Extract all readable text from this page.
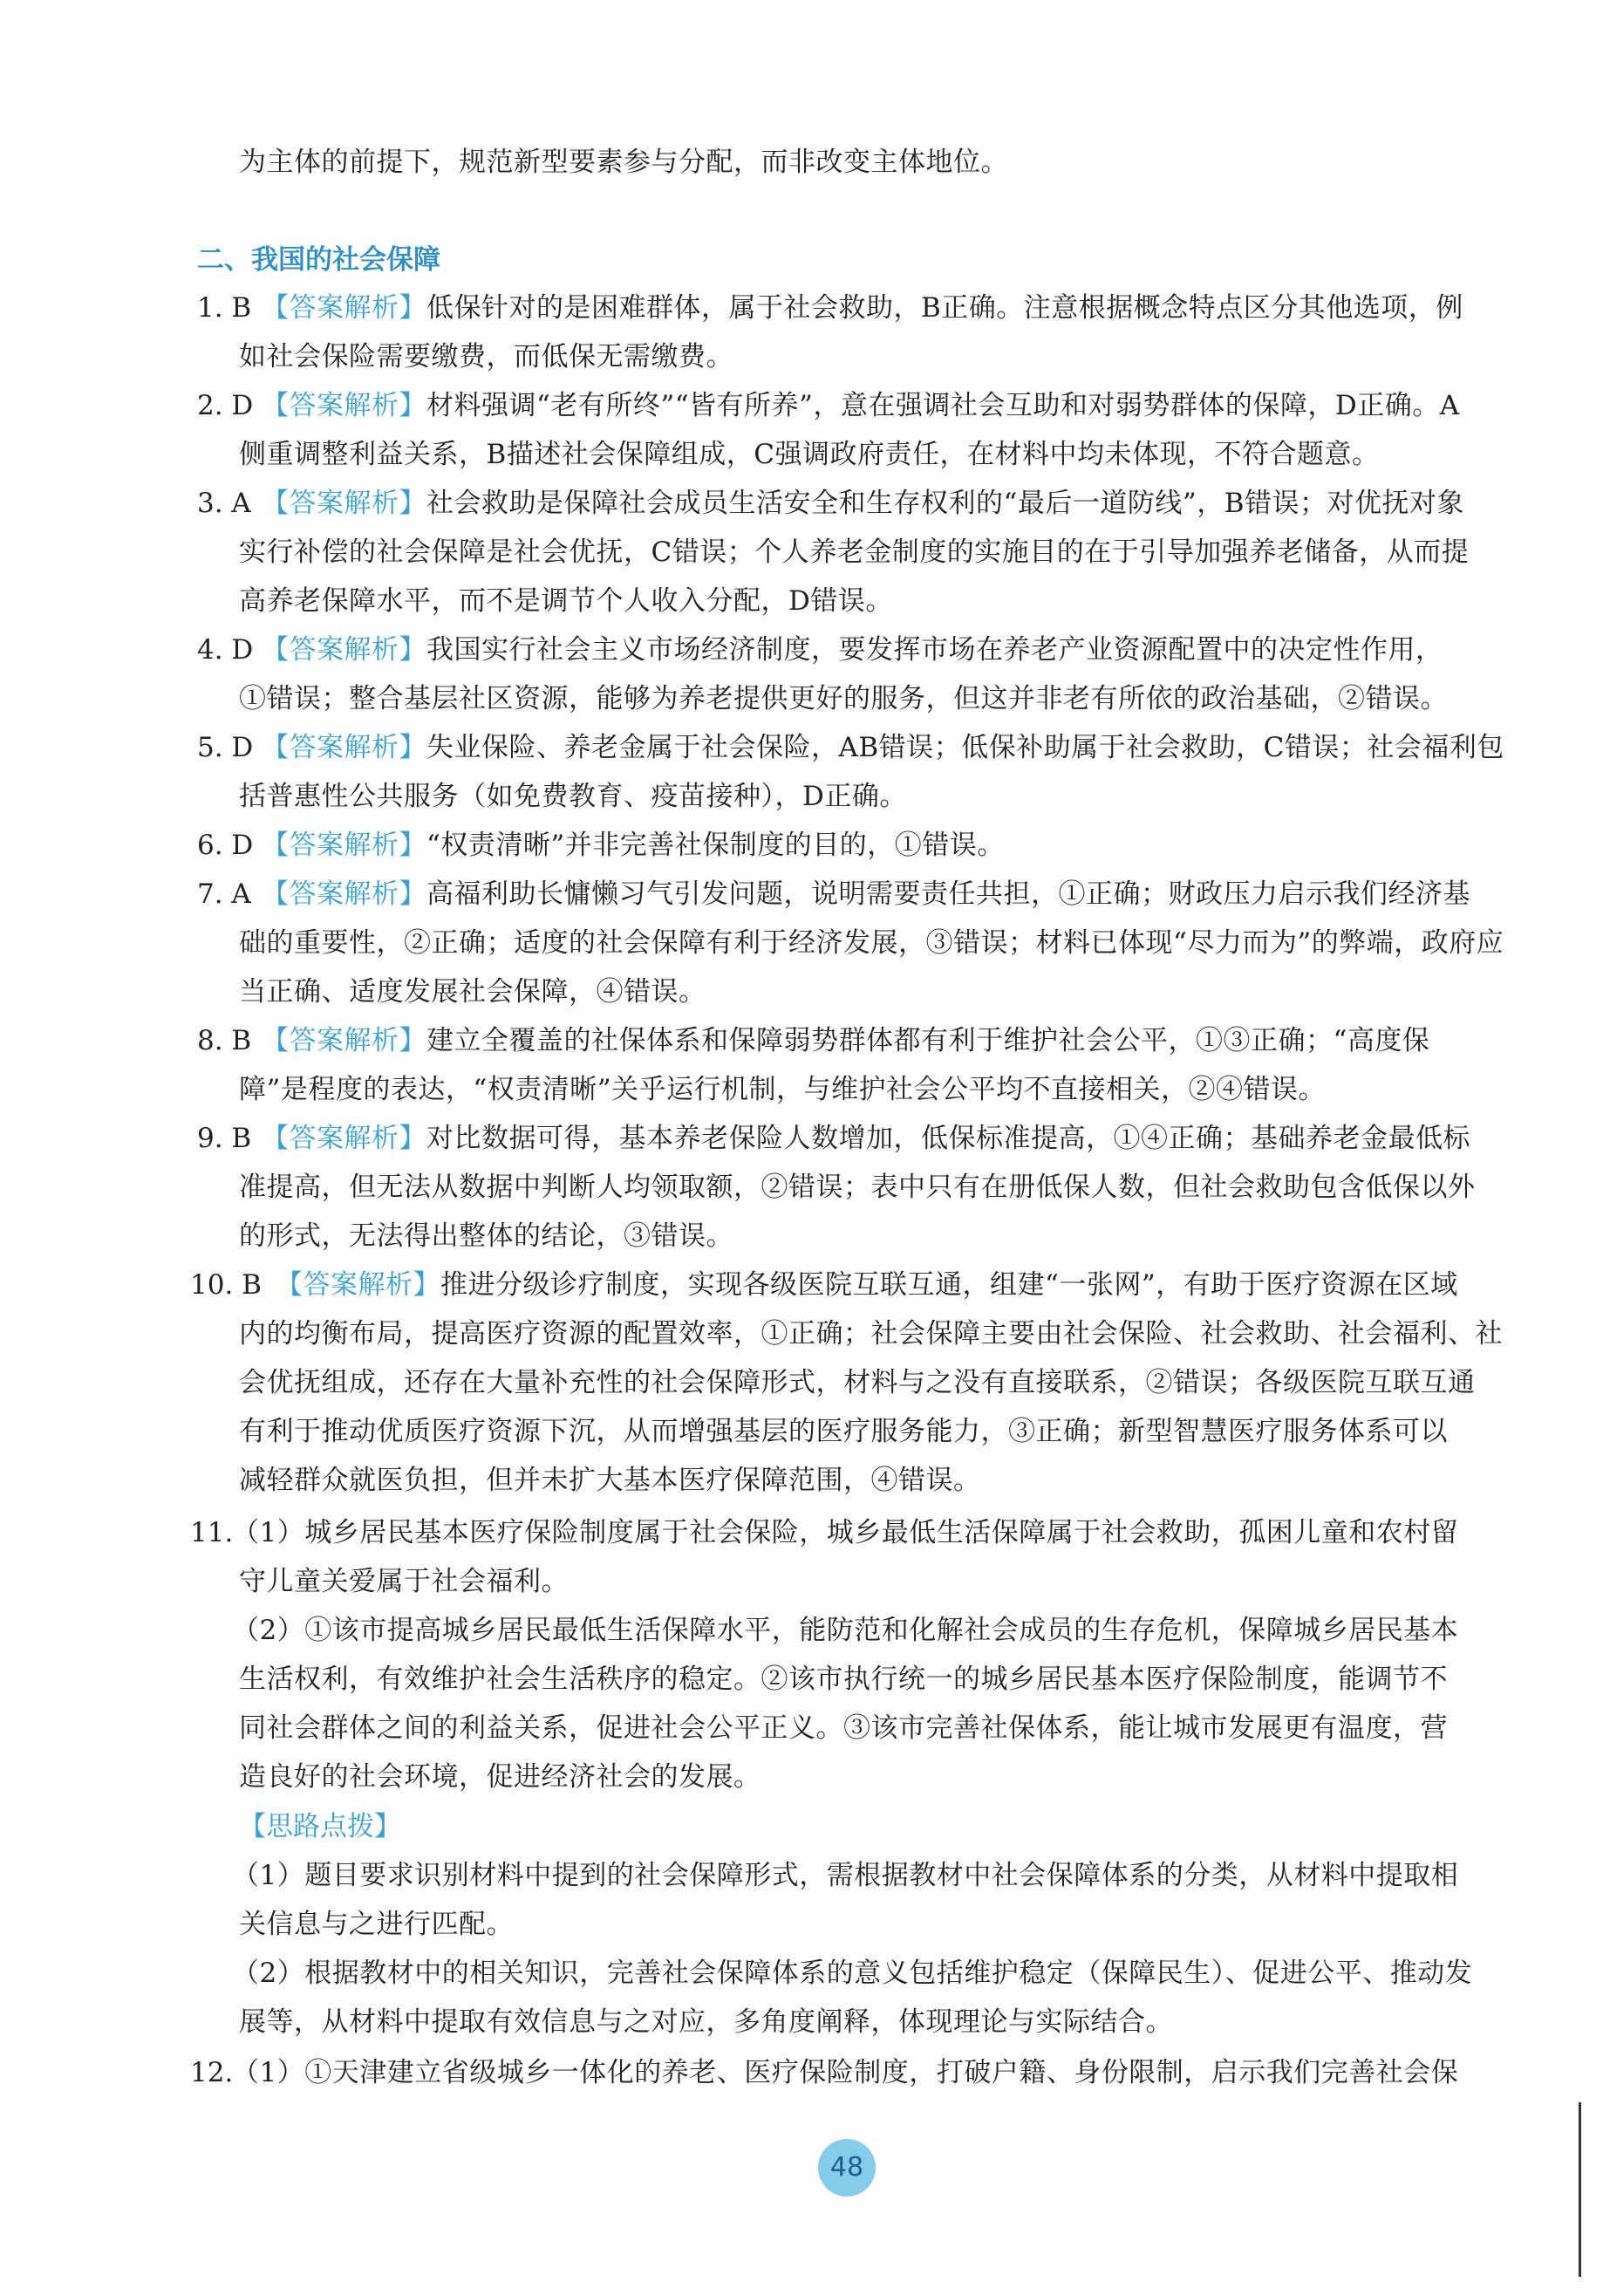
为主体的前提下，规范新型要素参与分配，而非改变主体地位。
二、我国的社会保障
1. B 【答案解析】低保针对的是困难群体，属于社会救助，B正确。注意根据概念特点区分其他选项，例
如社会保险需要缴费，而低保无需缴费。
2. D 【答案解析】材料强调“老有所终”“皆有所养”，意在强调社会互助和对弱势群体的保障，D正确。A
侧重调整利益关系，B描述社会保障组成，C强调政府责任，在材料中均未体现，不符合题意。
3. A 【答案解析】社会救助是保障社会成员生活安全和生存权利的“最后一道防线”，B错误；对优抚对象
实行补偿的社会保障是社会优抚，C错误；个人养老金制度的实施目的在于引导加强养老储备，从而提
高养老保障水平，而不是调节个人收入分配，D错误。
4. D 【答案解析】我国实行社会主义市场经济制度，要发挥市场在养老产业资源配置中的决定性作用，
①错误；整合基层社区资源，能够为养老提供更好的服务，但这并非老有所依的政治基础，②错误。
5. D 【答案解析】失业保险、养老金属于社会保险，AB错误；低保补助属于社会救助，C错误；社会福利包
括普惠性公共服务（如免费教育、疫苗接种），D正确。
6. D 【答案解析】“权责清晰”并非完善社保制度的目的，①错误。
7. A 【答案解析】高福利助长慵懒习气引发问题，说明需要责任共担，①正确；财政压力启示我们经济基
础的重要性，②正确；适度的社会保障有利于经济发展，③错误；材料已体现“尽力而为”的弊端，政府应
当正确、适度发展社会保障，④错误。
8. B 【答案解析】建立全覆盖的社保体系和保障弱势群体都有利于维护社会公平，①③正确；“高度保
障”是程度的表达，“权责清晰”关乎运行机制，与维护社会公平均不直接相关，②④错误。
9. B 【答案解析】对比数据可得，基本养老保险人数增加，低保标准提高，①④正确；基础养老金最低标
准提高，但无法从数据中判断人均领取额，②错误；表中只有在册低保人数，但社会救助包含低保以外
的形式，无法得出整体的结论，③错误。
10. B 【答案解析】推进分级诊疗制度，实现各级医院互联互通，组建“一张网”，有助于医疗资源在区域
内的均衡布局，提高医疗资源的配置效率，①正确；社会保障主要由社会保险、社会救助、社会福利、社
会优抚组成，还存在大量补充性的社会保障形式，材料与之没有直接联系，②错误；各级医院互联互通
有利于推动优质医疗资源下沉，从而增强基层的医疗服务能力，③正确；新型智慧医疗服务体系可以
减轻群众就医负担，但并未扩大基本医疗保障范围，④错误。
11.
（1）城乡居民基本医疗保险制度属于社会保险，城乡最低生活保障属于社会救助，孤困儿童和农村留
守儿童关爱属于社会福利。
（2）①该市提高城乡居民最低生活保障水平，能防范和化解社会成员的生存危机，保障城乡居民基本
生活权利，有效维护社会生活秩序的稳定。②该市执行统一的城乡居民基本医疗保险制度，能调节不
同社会群体之间的利益关系，促进社会公平正义。③该市完善社保体系，能让城市发展更有温度，营
造良好的社会环境，促进经济社会的发展。
【思路点拨】
（1）题目要求识别材料中提到的社会保障形式，需根据教材中社会保障体系的分类，从材料中提取相
关信息与之进行匹配。
（2）根据教材中的相关知识，完善社会保障体系的意义包括维护稳定（保障民生）、促进公平、推动发
展等，从材料中提取有效信息与之对应，多角度阐释，体现理论与实际结合。
12.
（1）①天津建立省级城乡一体化的养老、医疗保险制度，打破户籍、身份限制，启示我们完善社会保
48
